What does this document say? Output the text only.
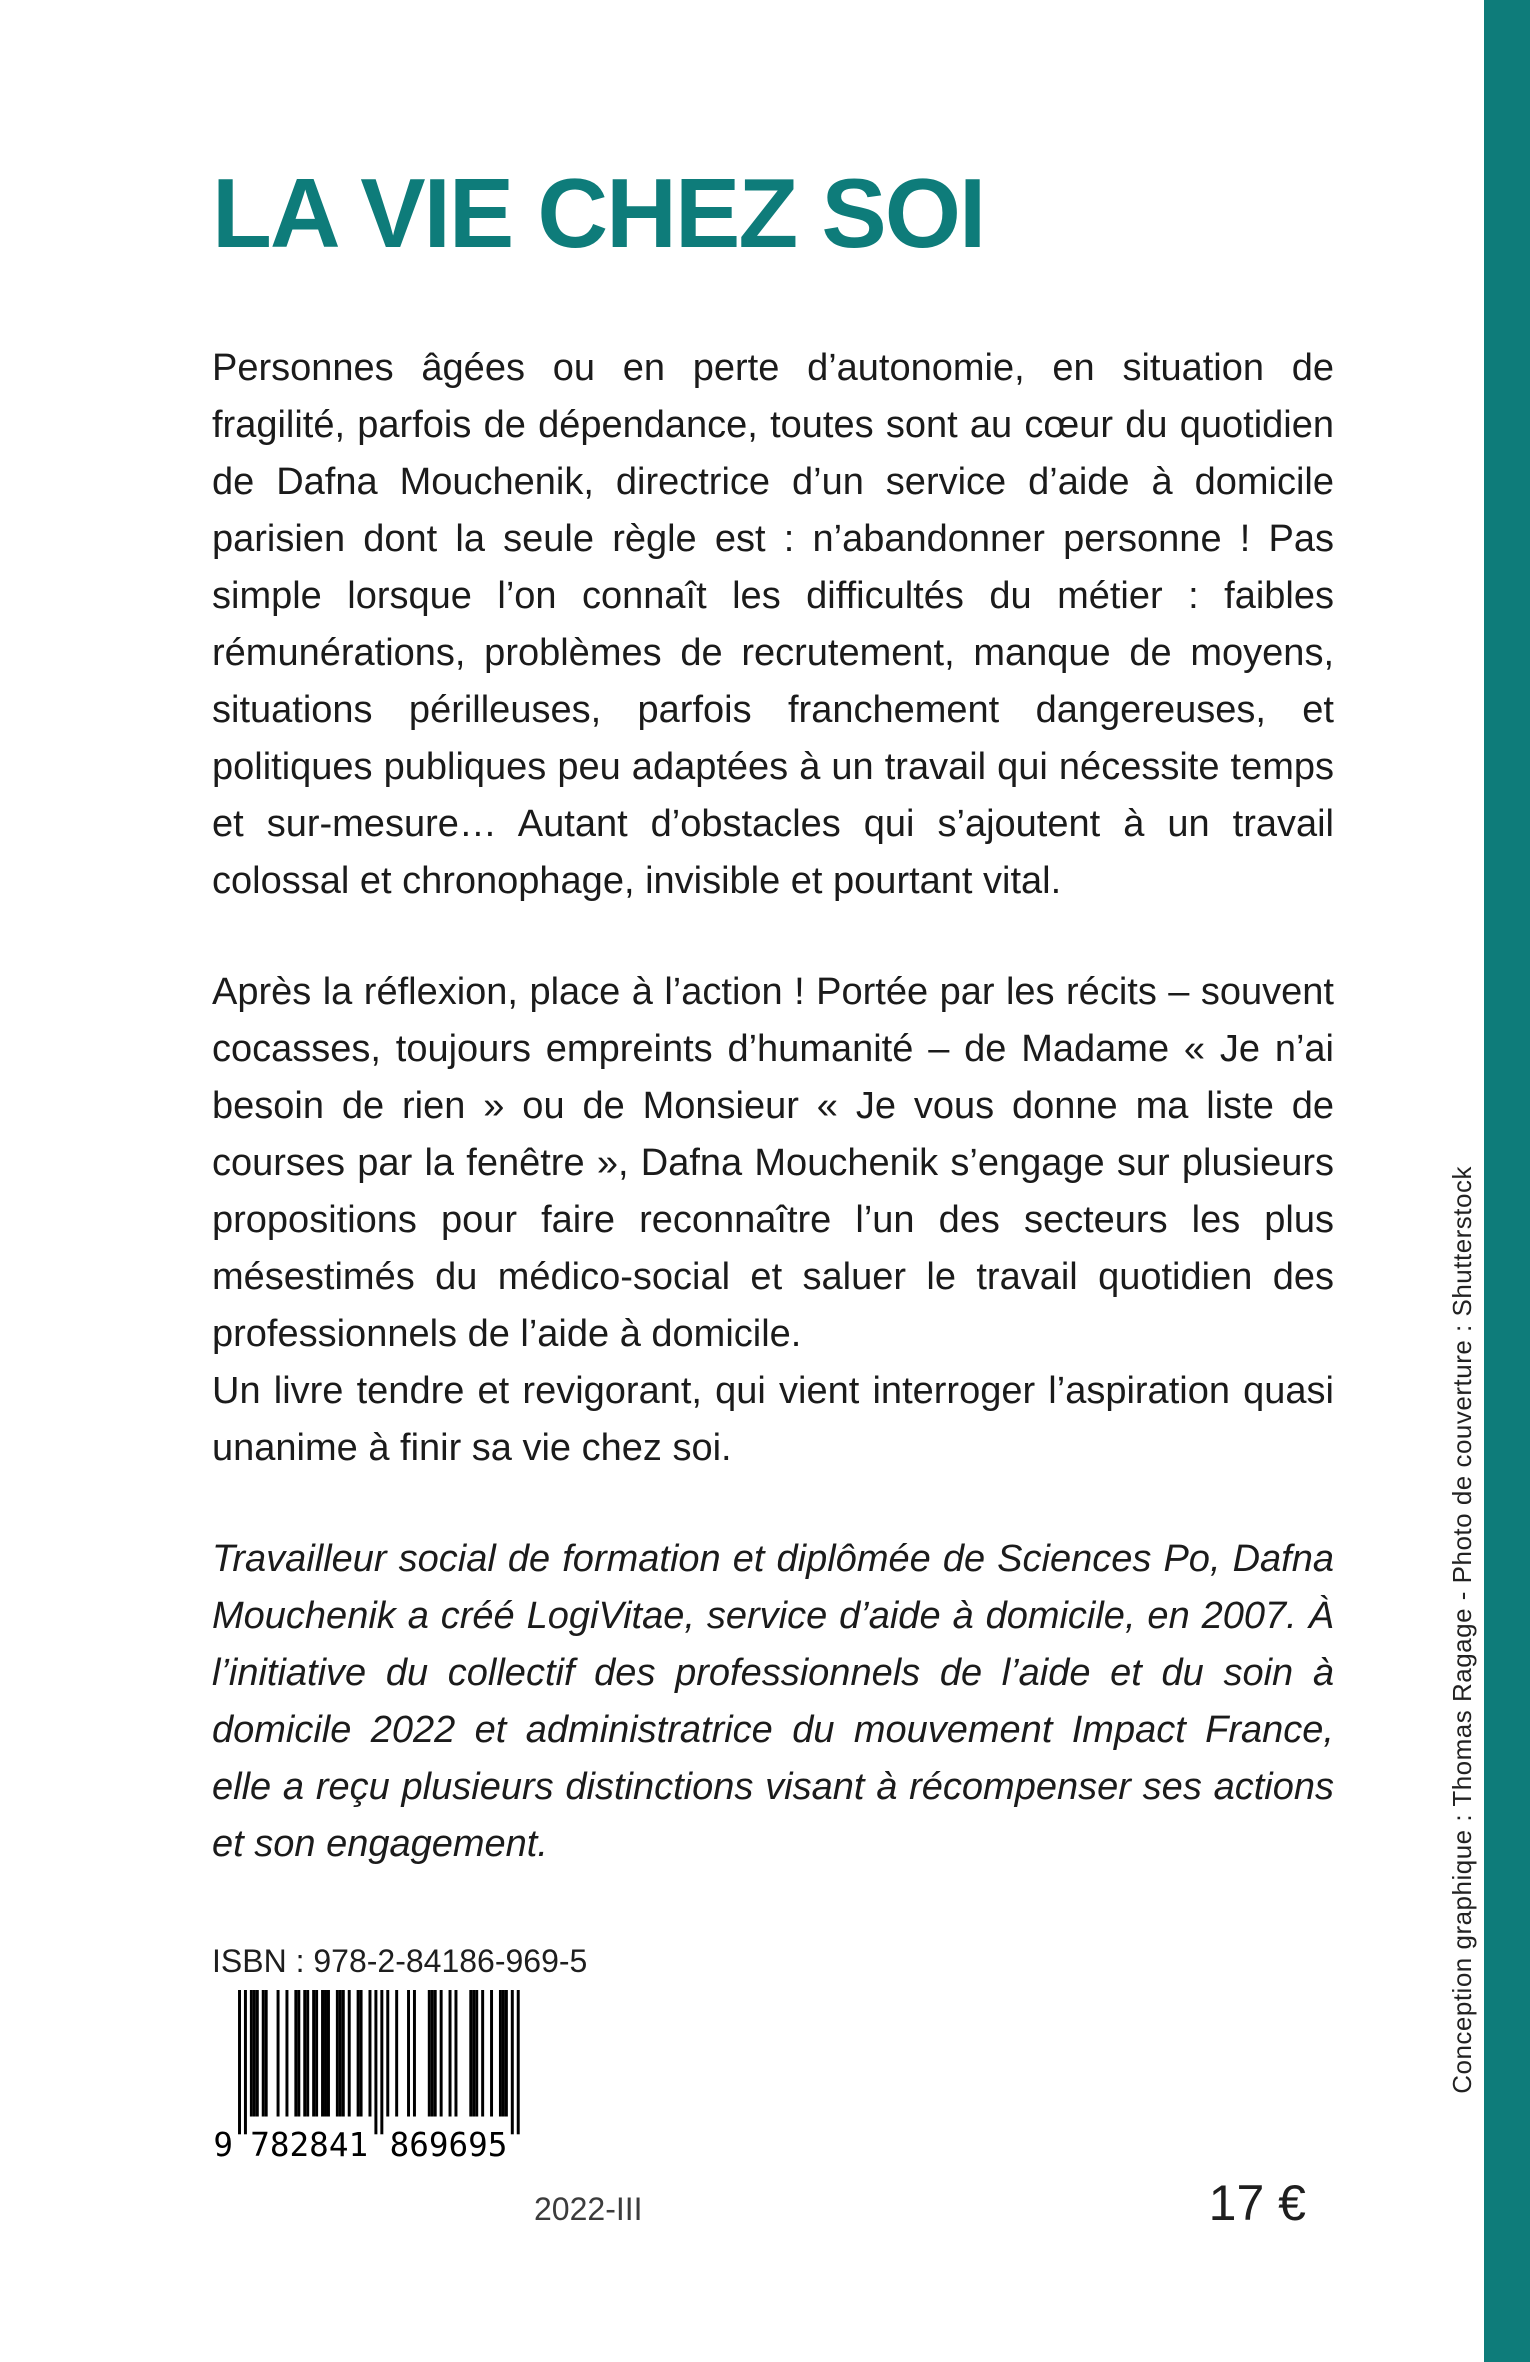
Conception graphique : Thomas Ragage - Photo de couverture : Shutterstock
LA VIE CHEZ SOI

Personnes âgées ou en perte d’autonomie, en situation de fragilité, parfois de dépendance, toutes sont au cœur du quotidien de Dafna Mouchenik, directrice d’un service d’aide à domicile parisien dont la seule règle est : n’abandonner personne ! Pas simple lorsque l’on connaît les difficultés du métier : faibles rémunérations, problèmes de recrutement, manque de moyens, situations périlleuses, parfois franchement dangereuses, et politiques publiques peu adaptées à un travail qui nécessite temps et sur-mesure… Autant d’obstacles qui s’ajoutent à un travail colossal et chronophage, invisible et pourtant vital.

Après la réflexion, place à l’action ! Portée par les récits – souvent cocasses, toujours empreints d’humanité – de Madame « Je n’ai besoin de rien » ou de Monsieur « Je vous donne ma liste de courses par la fenêtre », Dafna Mouchenik s’engage sur plusieurs propositions pour faire reconnaître l’un des secteurs les plus mésestimés du médico-social et saluer le travail quotidien des professionnels de l’aide à domicile.

Un livre tendre et revigorant, qui vient interroger l’aspiration quasi unanime à finir sa vie chez soi.

Travailleur social de formation et diplômée de Sciences Po, Dafna Mouchenik a créé LogiVitae, service d’aide à domicile, en 2007. À l’initiative du collectif des professionnels de l’aide et du soin à domicile 2022 et administratrice du mouvement Impact France, elle a reçu plusieurs distinctions visant à récompenser ses actions et son engagement.

ISBN : 978-2-84186-969-5
9 782841 869695
2022-III	17 €
